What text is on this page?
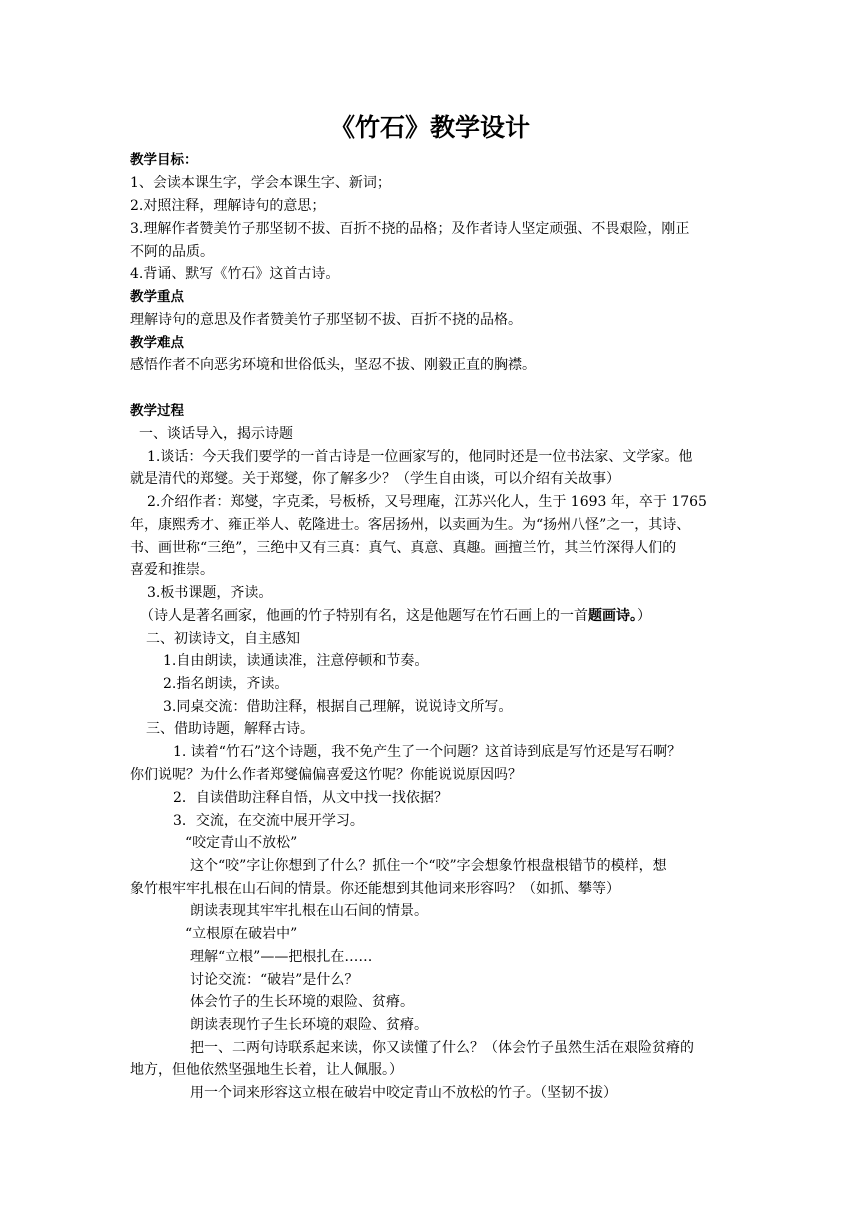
《竹石》教学设计
教学目标：
1、会读本课生字，学会本课生字、新词；
2.对照注释，理解诗句的意思；
3.理解作者赞美竹子那坚韧不拔、百折不挠的品格；及作者诗人坚定顽强、不畏艰险，刚正
不阿的品质。
4.背诵、默写《竹石》这首古诗。
教学重点
理解诗句的意思及作者赞美竹子那坚韧不拔、百折不挠的品格。
教学难点
感悟作者不向恶劣环境和世俗低头，坚忍不拔、刚毅正直的胸襟。
教学过程
一、谈话导入，揭示诗题
1.谈话：今天我们要学的一首古诗是一位画家写的，他同时还是一位书法家、文学家。他
就是清代的郑燮。关于郑燮，你了解多少？（学生自由谈，可以介绍有关故事）
2.介绍作者：郑燮，字克柔，号板桥，又号理庵，江苏兴化人，生于 1693 年，卒于 1765
年，康熙秀才、雍正举人、乾隆进士。客居扬州，以卖画为生。为“扬州八怪”之一，其诗、
书、画世称“三绝”，三绝中又有三真：真气、真意、真趣。画擅兰竹，其兰竹深得人们的
喜爱和推崇。
3.板书课题，齐读。
（诗人是著名画家，他画的竹子特别有名，这是他题写在竹石画上的一首题画诗。）
二、初读诗文，自主感知
1.自由朗读，读通读准，注意停顿和节奏。
2.指名朗读，齐读。
3.同桌交流：借助注释，根据自己理解，说说诗文所写。
三、借助诗题，解释古诗。
1. 读着“竹石”这个诗题，我不免产生了一个问题？这首诗到底是写竹还是写石啊？
你们说呢？为什么作者郑燮偏偏喜爱这竹呢？你能说说原因吗？
2．自读借助注释自悟，从文中找一找依据？
3．交流，在交流中展开学习。
“咬定青山不放松”
这个“咬”字让你想到了什么？抓住一个“咬”字会想象竹根盘根错节的模样，想
象竹根牢牢扎根在山石间的情景。你还能想到其他词来形容吗？（如抓、攀等）
朗读表现其牢牢扎根在山石间的情景。
“立根原在破岩中”
理解“立根”——把根扎在……
讨论交流：“破岩”是什么？
体会竹子的生长环境的艰险、贫瘠。
朗读表现竹子生长环境的艰险、贫瘠。
把一、二两句诗联系起来读，你又读懂了什么？（体会竹子虽然生活在艰险贫瘠的
地方，但他依然坚强地生长着，让人佩服。）
用一个词来形容这立根在破岩中咬定青山不放松的竹子。（坚韧不拔）
